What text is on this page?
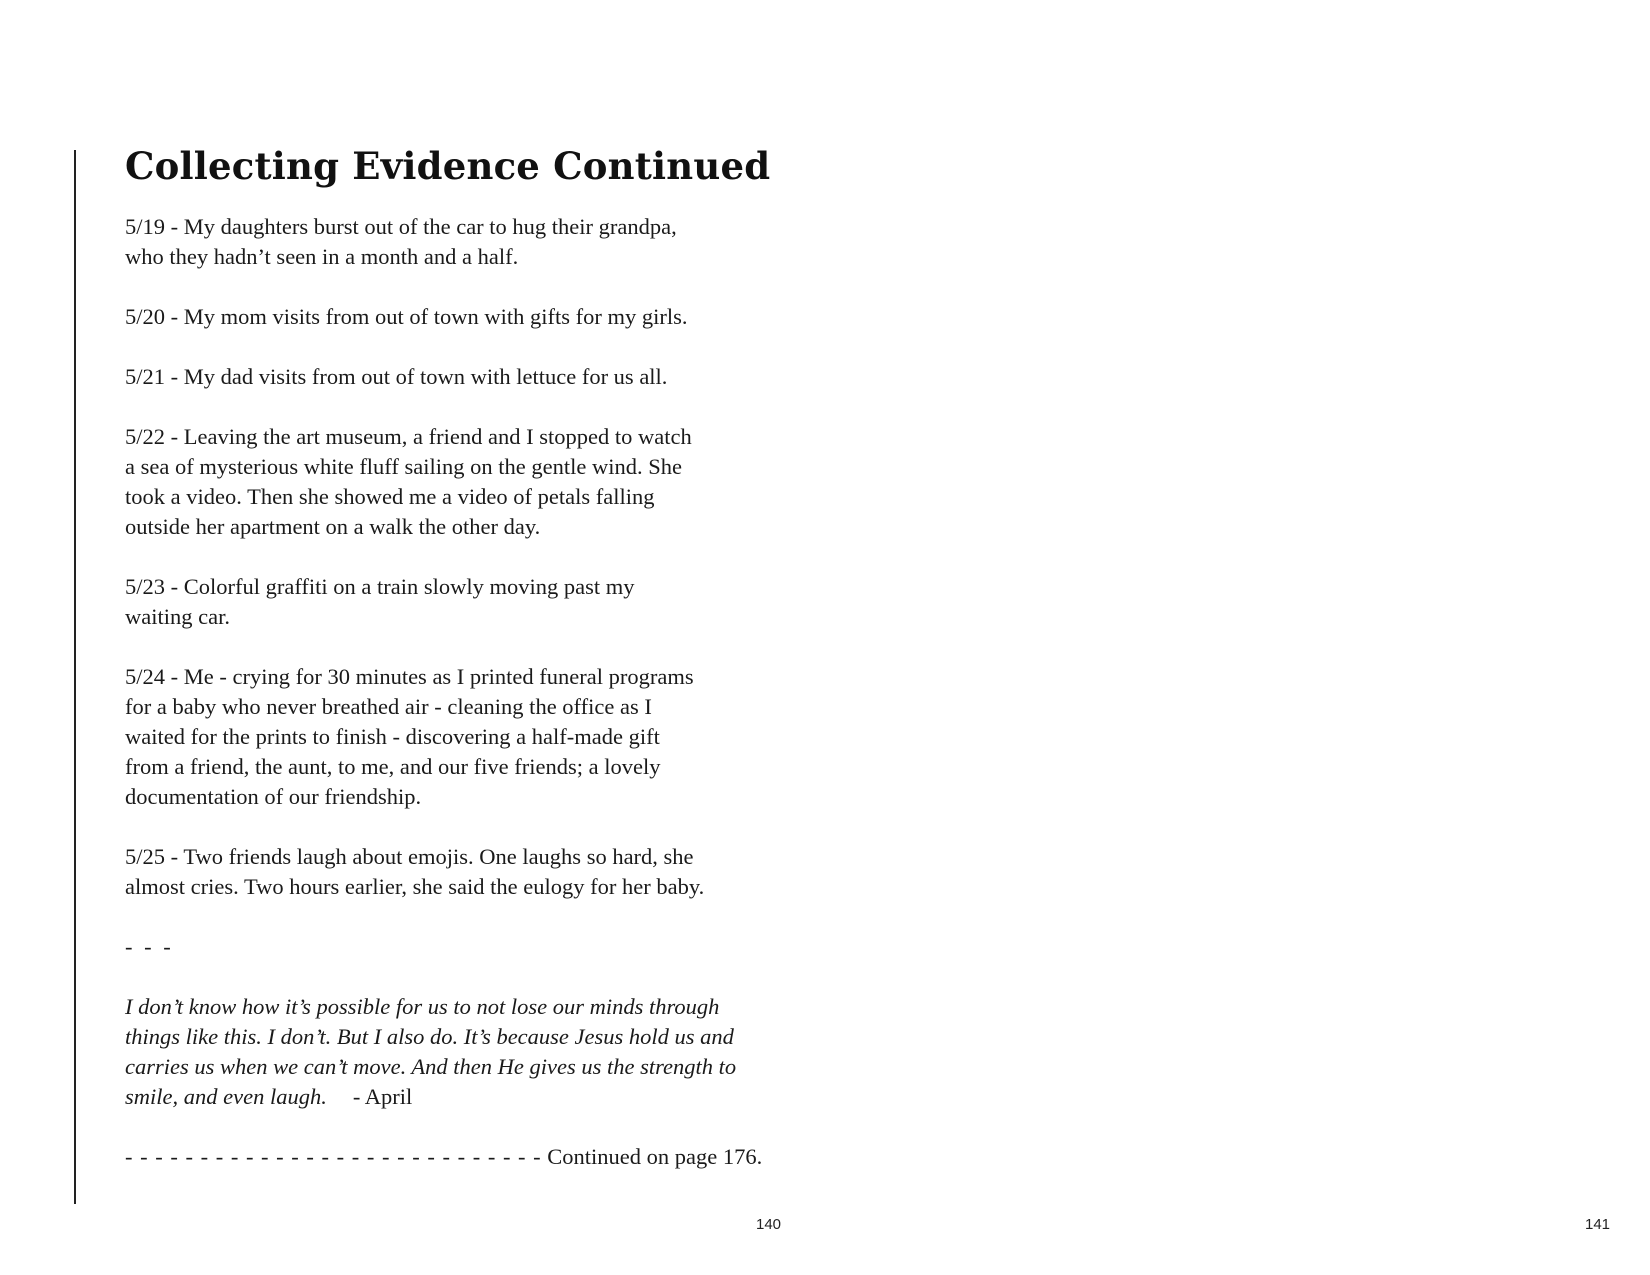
Collecting Evidence Continued

5/19 - My daughters burst out of the car to hug their grandpa,
who they hadn’t seen in a month and a half.

5/20 - My mom visits from out of town with gifts for my girls.

5/21 - My dad visits from out of town with lettuce for us all.

5/22 - Leaving the art museum, a friend and I stopped to watch
a sea of mysterious white fluff sailing on the gentle wind. She
took a video. Then she showed me a video of petals falling
outside her apartment on a walk the other day.

5/23 - Colorful graffiti on a train slowly moving past my
waiting car.

5/24 - Me - crying for 30 minutes as I printed funeral programs
for a baby who never breathed air - cleaning the office as I
waited for the prints to finish - discovering a half-made gift
from a friend, the aunt, to me, and our five friends; a lovely
documentation of our friendship.

5/25 - Two friends laugh about emojis. One laughs so hard, she
almost cries. Two hours earlier, she said the eulogy for her baby.

- - -

I don’t know how it’s possible for us to not lose our minds through
things like this. I don’t. But I also do. It’s because Jesus hold us and
carries us when we can’t move. And then He gives us the strength to
smile, and even laugh. - April

- - - - - - - - - - - - - - - - - - - - - - - - - - - - Continued on page 176.

140	141
